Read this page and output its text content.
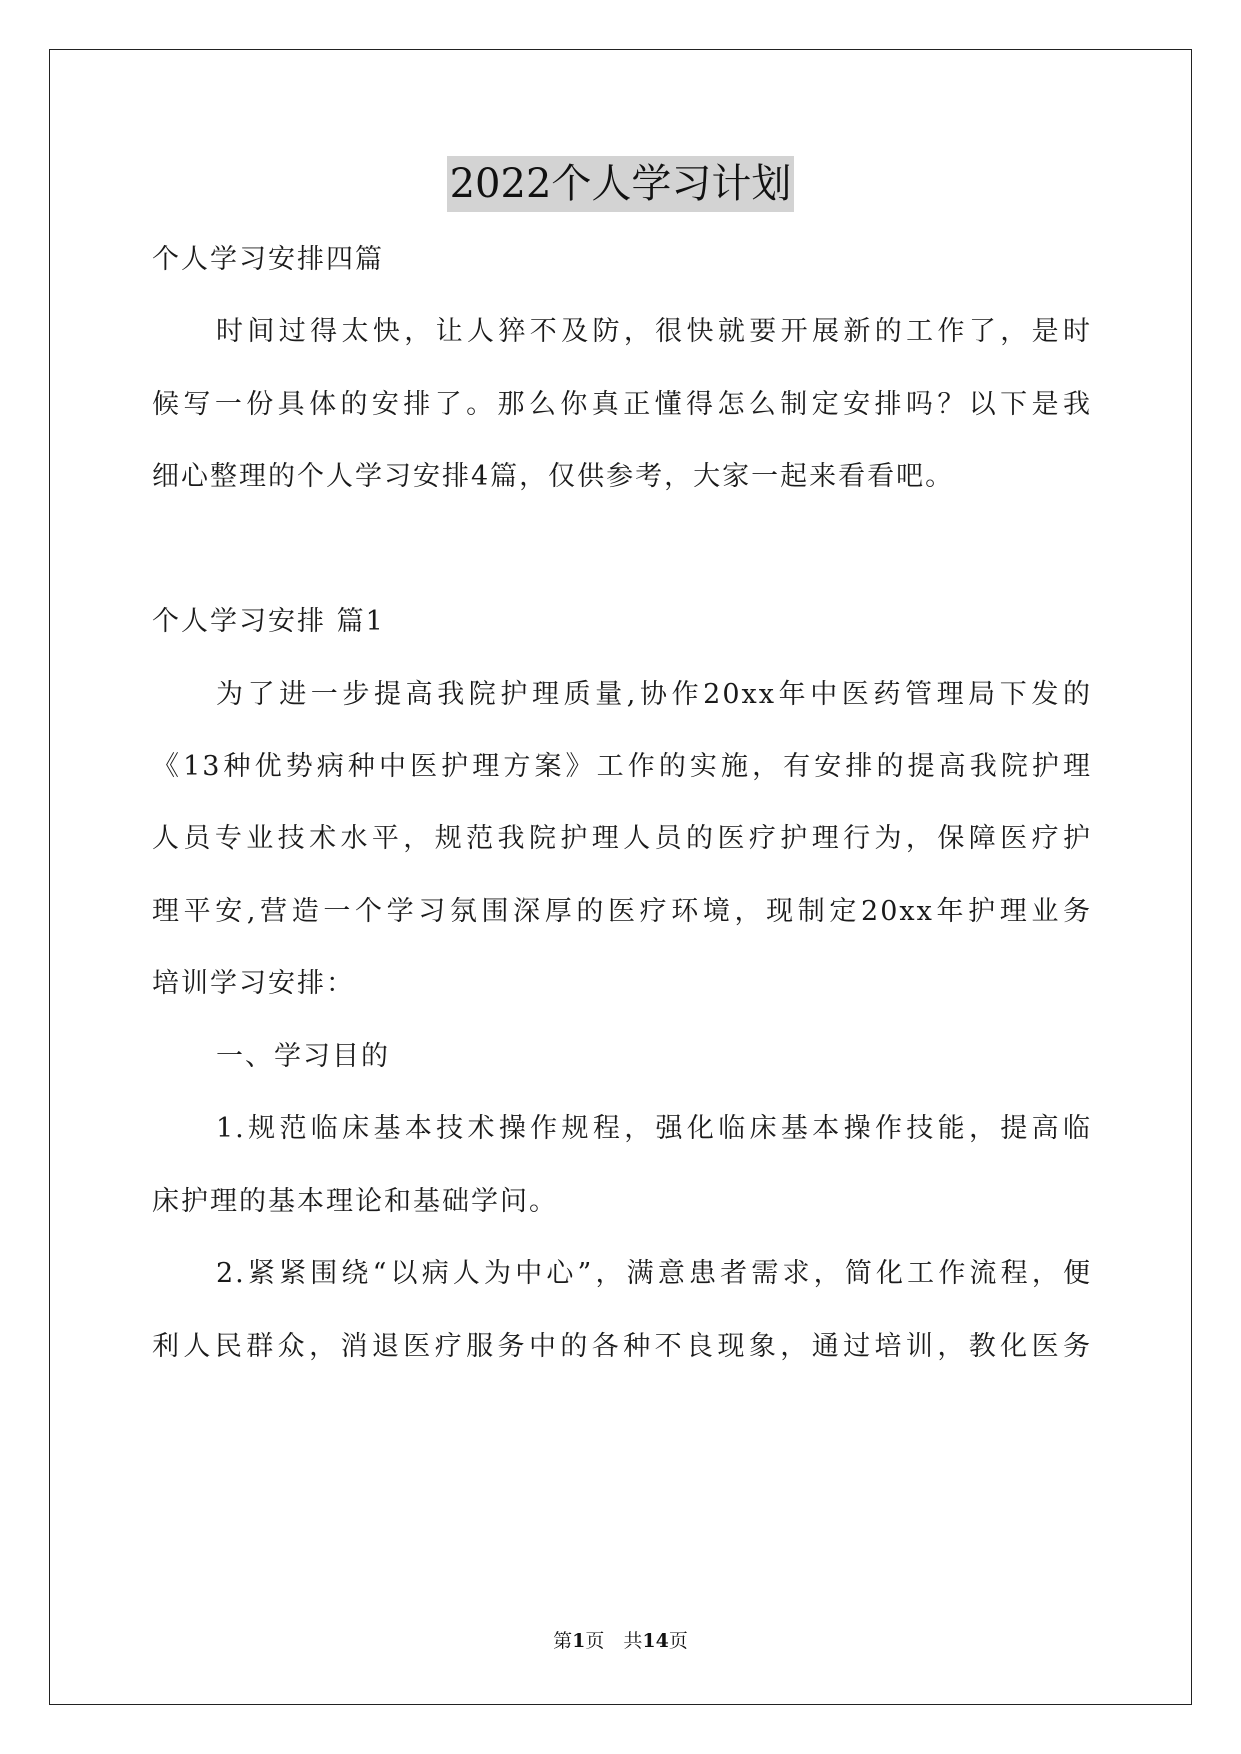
2022个人学习计划
个人学习安排四篇
时间过得太快，让人猝不及防，很快就要开展新的工作了，是时
候写一份具体的安排了。那么你真正懂得怎么制定安排吗？以下是我
细心整理的个人学习安排4篇，仅供参考，大家一起来看看吧。
个人学习安排 篇1
为了进一步提高我院护理质量,协作20xx年中医药管理局下发的
《13种优势病种中医护理方案》工作的实施，有安排的提高我院护理
人员专业技术水平，规范我院护理人员的医疗护理行为，保障医疗护
理平安,营造一个学习氛围深厚的医疗环境，现制定20xx年护理业务
培训学习安排：
一、学习目的
1.规范临床基本技术操作规程，强化临床基本操作技能，提高临
床护理的基本理论和基础学问。
2.紧紧围绕“以病人为中心”，满意患者需求，简化工作流程，便
利人民群众，消退医疗服务中的各种不良现象，通过培训，教化医务
第1页　共14页
